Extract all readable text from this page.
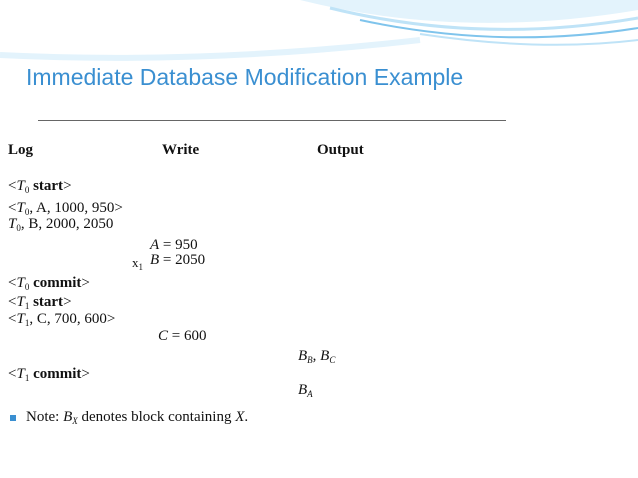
Immediate Database Modification Example
Log	Write	Output
$<T_0$ start>
$<T_0$, A, 1000, 950>
$T_0$, B, 2000, 2050
A = 950
$x_1$ B = 2050
$<T_0$ commit>
$<T_1$ start>
$<T_1$, C, 700, 600>
C = 600
$B_B$, $B_C$
$<T_1$ commit>
$B_A$
Note: $B_X$ denotes block containing X.
